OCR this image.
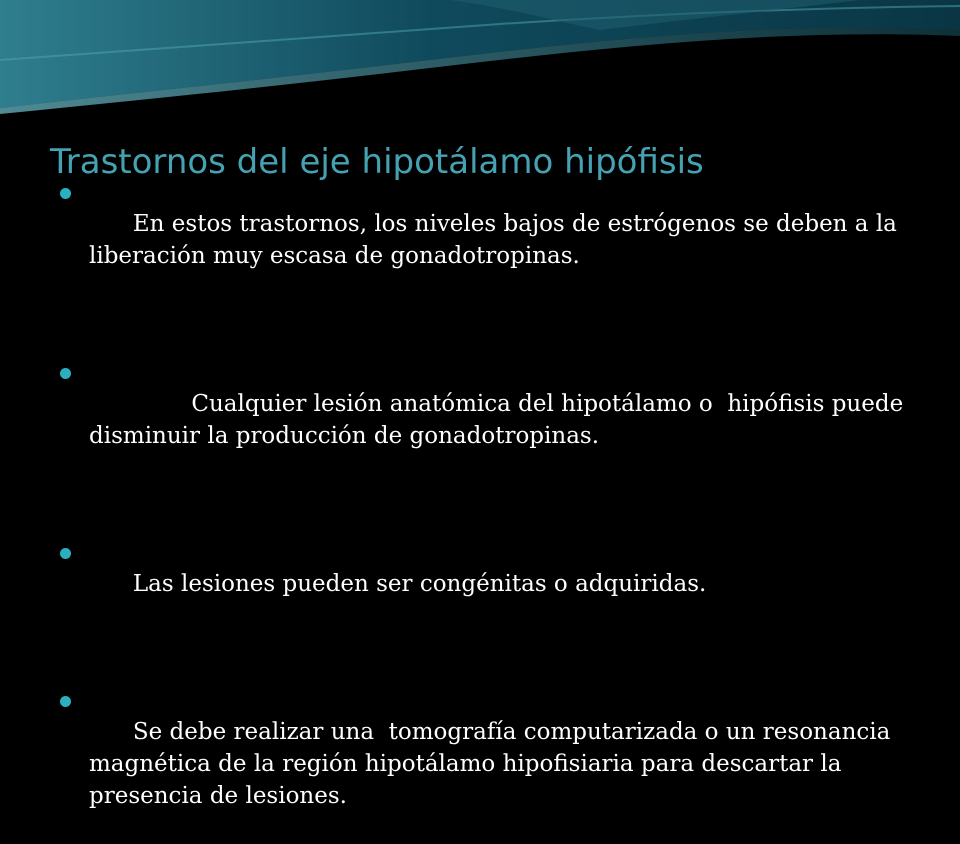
Trastornos del eje hipotálamo hipófisis

En estos trastornos, los niveles bajos de estrógenos se deben a la liberación muy escasa de gonadotropinas.

Cualquier lesión anatómica del hipotálamo o  hipófisis puede disminuir la producción de gonadotropinas.

Las lesiones pueden ser congénitas o adquiridas.

Se debe realizar una  tomografía computarizada o un resonancia magnética de la región hipotálamo hipofisiaria para descartar la presencia de lesiones.
